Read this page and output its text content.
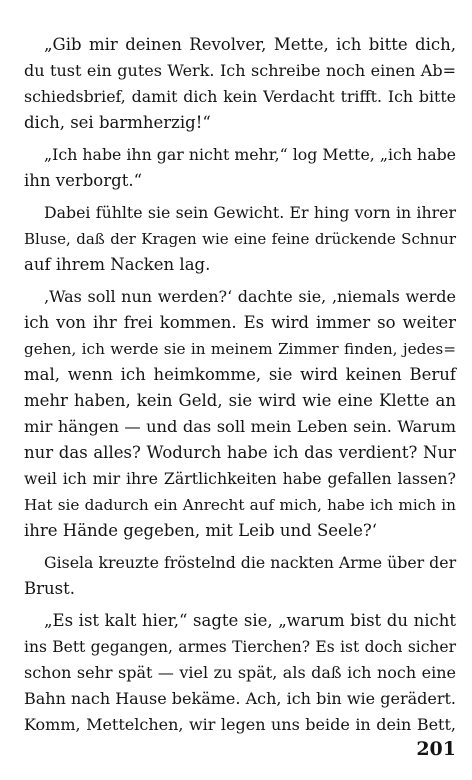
„Gib mir deinen Revolver, Mette, ich bitte dich,
du tust ein gutes Werk. Ich schreibe noch einen Ab=
schiedsbrief, damit dich kein Verdacht trifft. Ich bitte
dich, sei barmherzig!“
„Ich habe ihn gar nicht mehr,“ log Mette, „ich habe
ihn verborgt.“
Dabei fühlte sie sein Gewicht. Er hing vorn in ihrer
Bluse, daß der Kragen wie eine feine drückende Schnur
auf ihrem Nacken lag.
‚Was soll nun werden?‘ dachte sie, ‚niemals werde
ich von ihr frei kommen. Es wird immer so weiter
gehen, ich werde sie in meinem Zimmer finden, jedes=
mal, wenn ich heimkomme, sie wird keinen Beruf
mehr haben, kein Geld, sie wird wie eine Klette an
mir hängen — und das soll mein Leben sein. Warum
nur das alles? Wodurch habe ich das verdient? Nur
weil ich mir ihre Zärtlichkeiten habe gefallen lassen?
Hat sie dadurch ein Anrecht auf mich, habe ich mich in
ihre Hände gegeben, mit Leib und Seele?‘
Gisela kreuzte fröstelnd die nackten Arme über der
Brust.
„Es ist kalt hier,“ sagte sie, „warum bist du nicht
ins Bett gegangen, armes Tierchen? Es ist doch sicher
schon sehr spät — viel zu spät, als daß ich noch eine
Bahn nach Hause bekäme. Ach, ich bin wie gerädert.
Komm, Mettelchen, wir legen uns beide in dein Bett,
201
